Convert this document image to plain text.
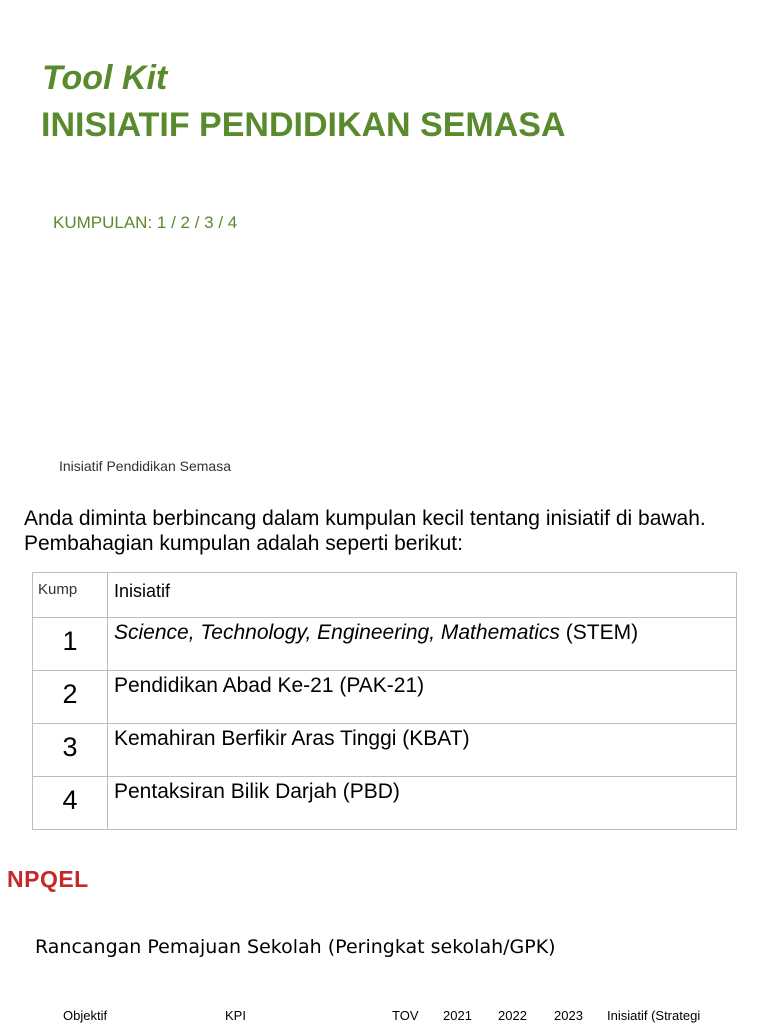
Tool Kit
INISIATIF PENDIDIKAN SEMASA
KUMPULAN: 1 / 2 / 3 / 4
Inisiatif Pendidikan Semasa
Anda diminta berbincang dalam kumpulan kecil tentang inisiatif di bawah. Pembahagian kumpulan adalah seperti berikut:
Kump	Inisiatif
1	Science, Technology, Engineering, Mathematics (STEM)
2	Pendidikan Abad Ke-21 (PAK-21)
3	Kemahiran Berfikir Aras Tinggi (KBAT)
4	Pentaksiran Bilik Darjah (PBD)
NPQEL
Rancangan Pemajuan Sekolah (Peringkat sekolah/GPK)
Objektif	KPI	TOV 2021 2022 2023 Inisiatif (Strategi
